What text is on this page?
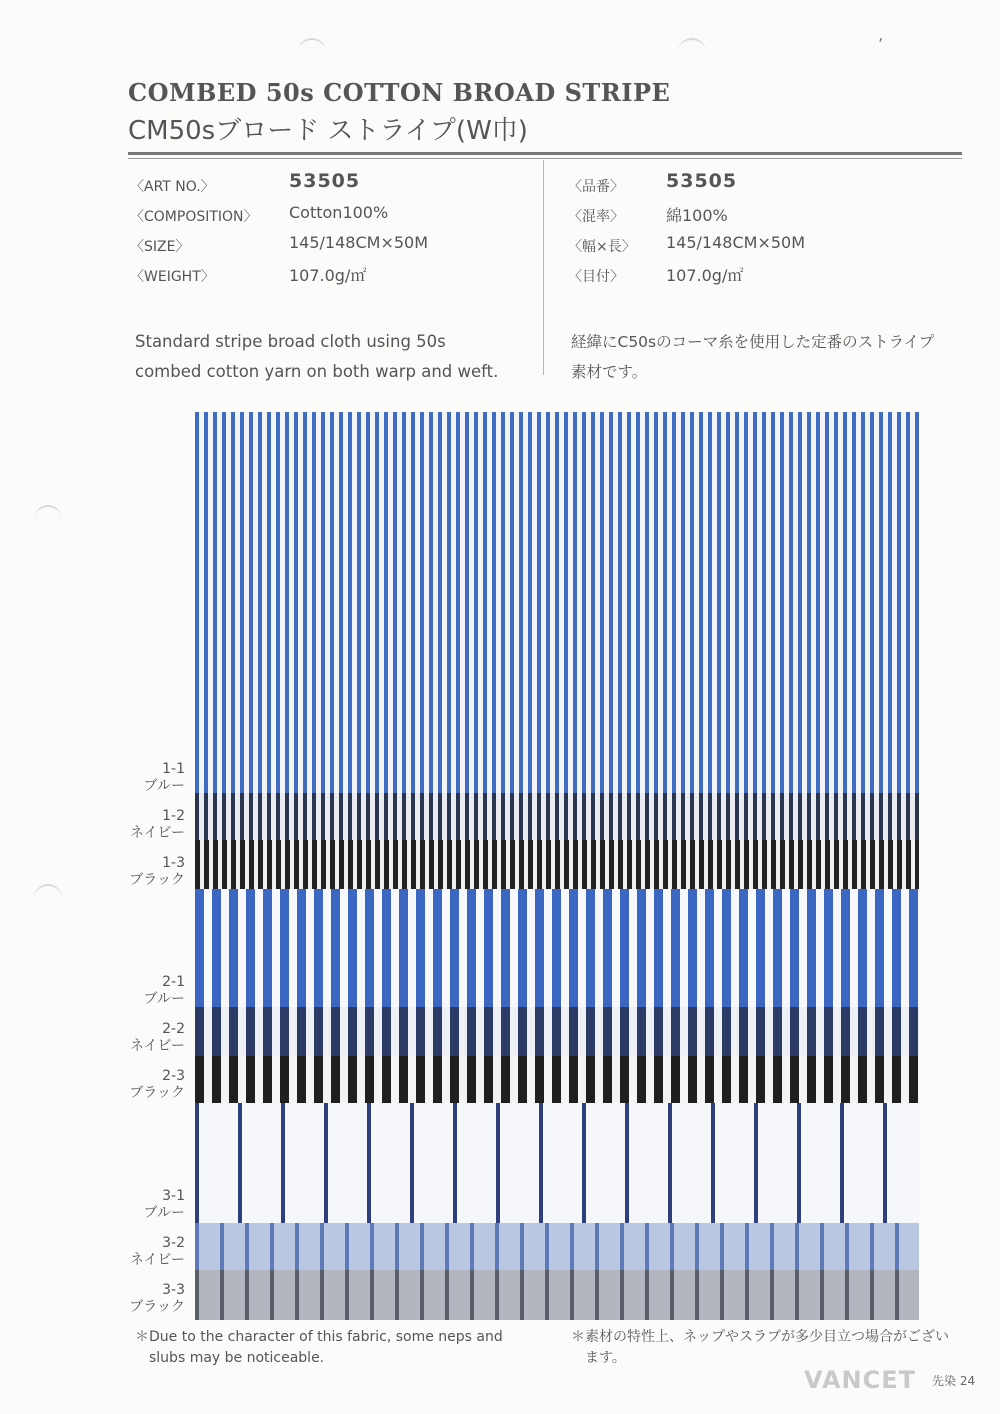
ʼ
COMBED 50s COTTON BROAD STRIPE
CM50sブロード ストライプ(W巾)
〈ART NO.〉	53505
〈COMPOSITION〉 Cotton100%
〈SIZE〉	145/148CM×50M
〈WEIGHT〉	107.0g/㎡
〈品番〉 53505
〈混率〉	綿100%
〈幅×長〉 145/148CM×50M
〈目付〉	107.0g/㎡
Standard stripe broad cloth using 50s
combed cotton yarn on both warp and weft.
経緯にC50sのコーマ糸を使用した定番のストライプ
素材です。
1-1
ブルー
1-2
ネイビー
1-3
ブラック
2-1
ブルー
2-2
ネイビー
2-3
ブラック
3-1
ブルー
3-2
ネイビー
3-3
ブラック
＊Due to the character of this fabric, some neps and
slubs may be noticeable.
＊素材の特性上、ネップやスラブが多少目立つ場合がござい
ます。
VANCET 先染 24
